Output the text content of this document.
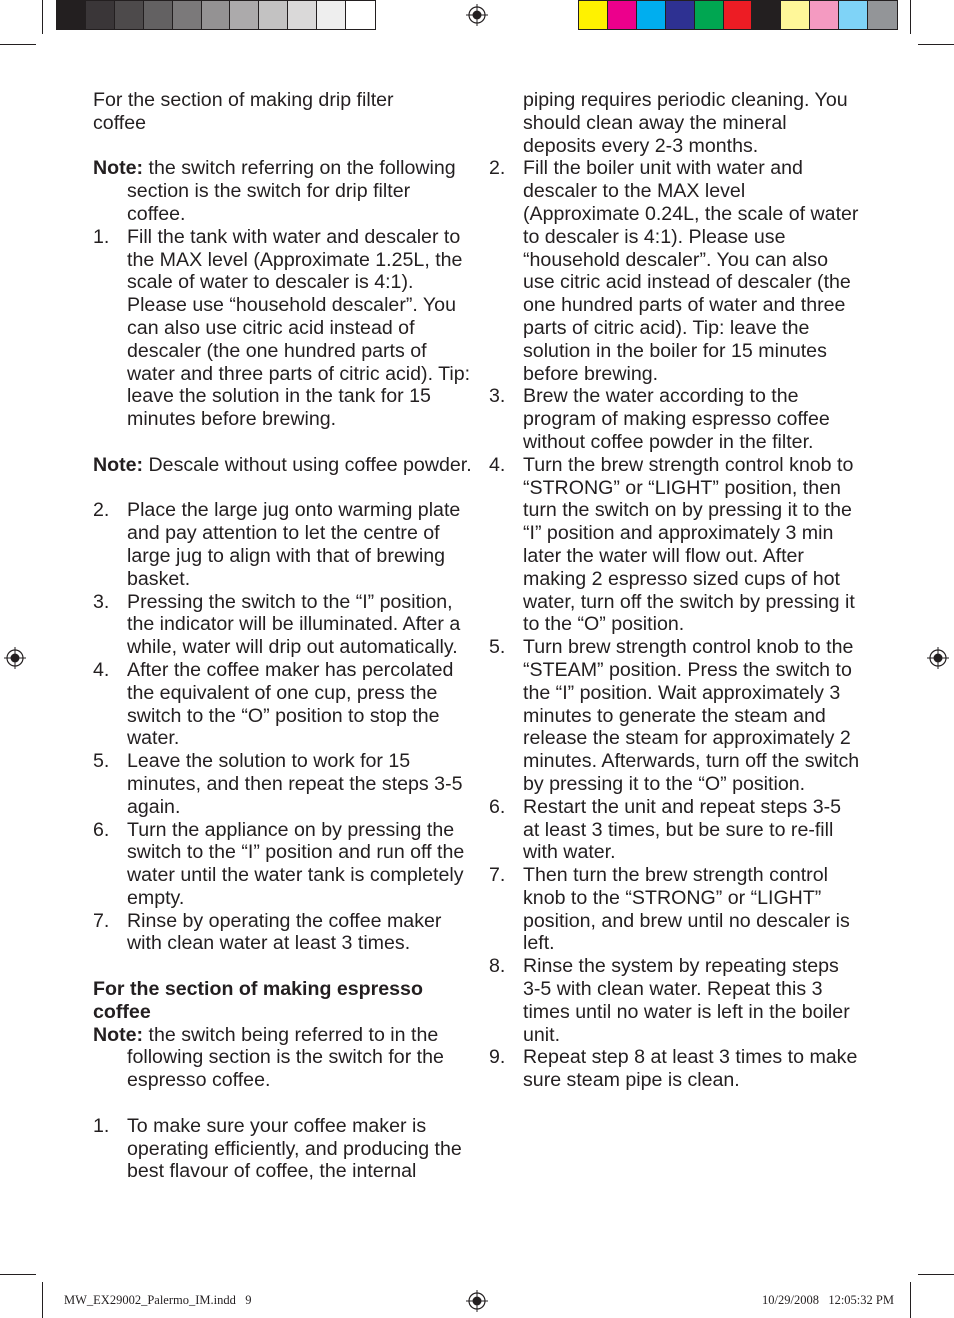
For the section of making drip filter coffee

Note: the switch referring on the following section is the switch for drip filter coffee.

1. Fill the tank with water and descaler to the MAX level (Approximate 1.25L, the scale of water to descaler is 4:1). Please use “household descaler”. You can also use citric acid instead of descaler (the one hundred parts of water and three parts of citric acid). Tip: leave the solution in the tank for 15 minutes before brewing.

Note: Descale without using coffee powder.

2. Place the large jug onto warming plate and pay attention to let the centre of large jug to align with that of brewing basket.
3. Pressing the switch to the “I” position, the indicator will be illuminated. After a while, water will drip out automatically.
4. After the coffee maker has percolated the equivalent of one cup, press the switch to the “O” position to stop the water.
5. Leave the solution to work for 15 minutes, and then repeat the steps 3-5 again.
6. Turn the appliance on by pressing the switch to the “I” position and run off the water until the water tank is completely empty.
7. Rinse by operating the coffee maker with clean water at least 3 times.

For the section of making espresso coffee

Note: the switch being referred to in the following section is the switch for the espresso coffee.

1. To make sure your coffee maker is operating efficiently, and producing the best flavour of coffee, the internal

piping requires periodic cleaning. You should clean away the mineral deposits every 2-3 months.

2. Fill the boiler unit with water and descaler to the MAX level (Approximate 0.24L, the scale of water to descaler is 4:1). Please use “household descaler”. You can also use citric acid instead of descaler (the one hundred parts of water and three parts of citric acid). Tip: leave the solution in the boiler for 15 minutes before brewing.
3. Brew the water according to the program of making espresso coffee without coffee powder in the filter.
4. Turn the brew strength control knob to “STRONG” or “LIGHT” position, then turn the switch on by pressing it to the “I” position and approximately 3 min later the water will flow out. After making 2 espresso sized cups of hot water, turn off the switch by pressing it to the “O” position.
5. Turn brew strength control knob to the “STEAM” position. Press the switch to the “I” position. Wait approximately 3 minutes to generate the steam and release the steam for approximately 2 minutes. Afterwards, turn off the switch by pressing it to the “O” position.
6. Restart the unit and repeat steps 3-5 at least 3 times, but be sure to re-fill with water.
7. Then turn the brew strength control knob to the “STRONG” or “LIGHT” position, and brew until no descaler is left.
8. Rinse the system by repeating steps 3-5 with clean water. Repeat this 3 times until no water is left in the boiler unit.
9. Repeat step 8 at least 3 times to make sure steam pipe is clean.
MW_EX29002_Palermo_IM.indd   9	10/29/2008   12:05:32 PM
